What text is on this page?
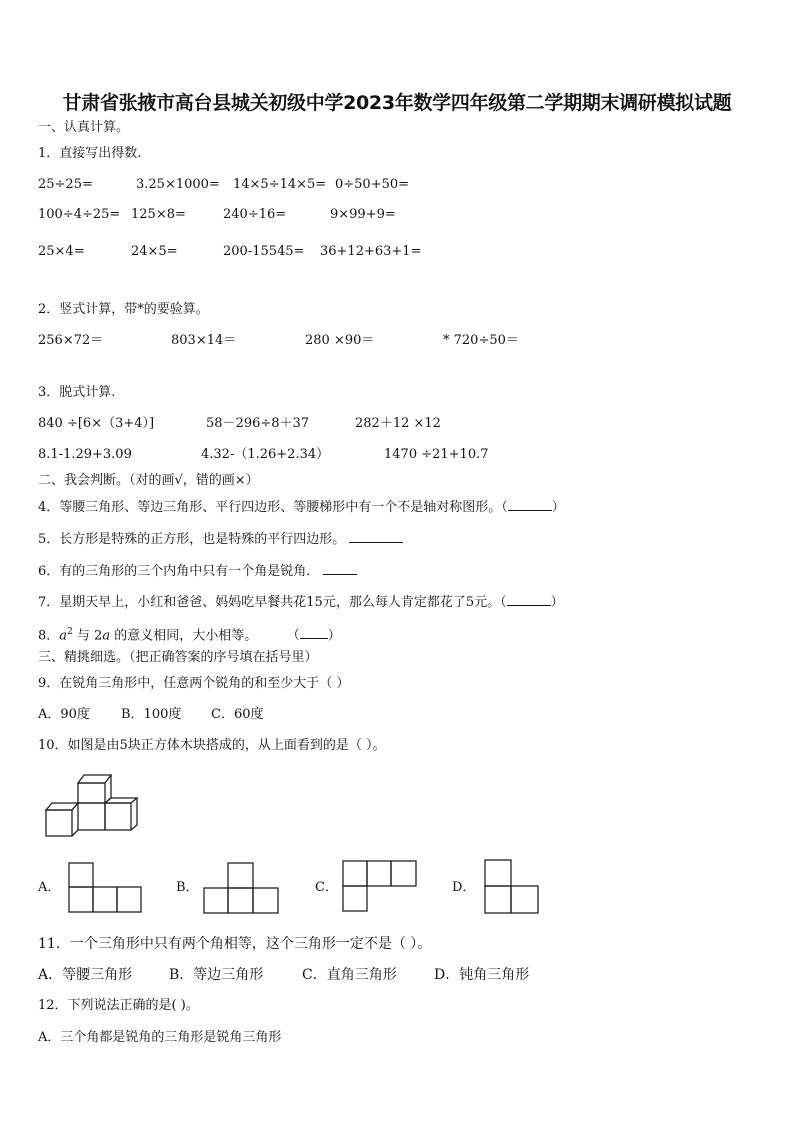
甘肃省张掖市高台县城关初级中学2023年数学四年级第二学期期末调研模拟试题
一、认真计算。
1．直接写出得数.
25÷25=	3.25×1000= 14×5÷14×5= 0÷50+50=
100÷4÷25= 125×8=	240÷16=	9×99+9=
25×4=	24×5=	200-15545= 36+12+63+1=
2．竖式计算，带*的要验算。
256×72＝	803×14＝	280 ×90＝	* 720÷50＝
3．脱式计算.
840 ÷[6×（3+4）]	58－296÷8＋37	282＋12 ×12
8.1-1.29+3.09	4.32-（1.26+2.34）	1470 ÷21+10.7
二、我会判断。（对的画√，错的画×）
4．等腰三角形、等边三角形、平行四边形、等腰梯形中有一个不是轴对称图形。（	）
5．长方形是特殊的正方形，也是特殊的平行四边形。
6．有的三角形的三个内角中只有一个角是锐角．
7．星期天早上，小红和爸爸、妈妈吃早餐共花15元，那么每人肯定都花了5元。（	）
8．$a^2$ 与 2a 的意义相同，大小相等。	（ ）
三、精挑细选。（把正确答案的序号填在括号里）
9．在锐角三角形中，任意两个锐角的和至少大于（ ）
A．90度 B．100度 C．60度
10．如图是由5块正方体木块搭成的，从上面看到的是（ ）。
A．	B．	C．	D．
11．一个三角形中只有两个角相等，这个三角形一定不是（ ）。
A．等腰三角形	B．等边三角形	C．直角三角形	D．钝角三角形
12．下列说法正确的是( )。
A．三个角都是锐角的三角形是锐角三角形
